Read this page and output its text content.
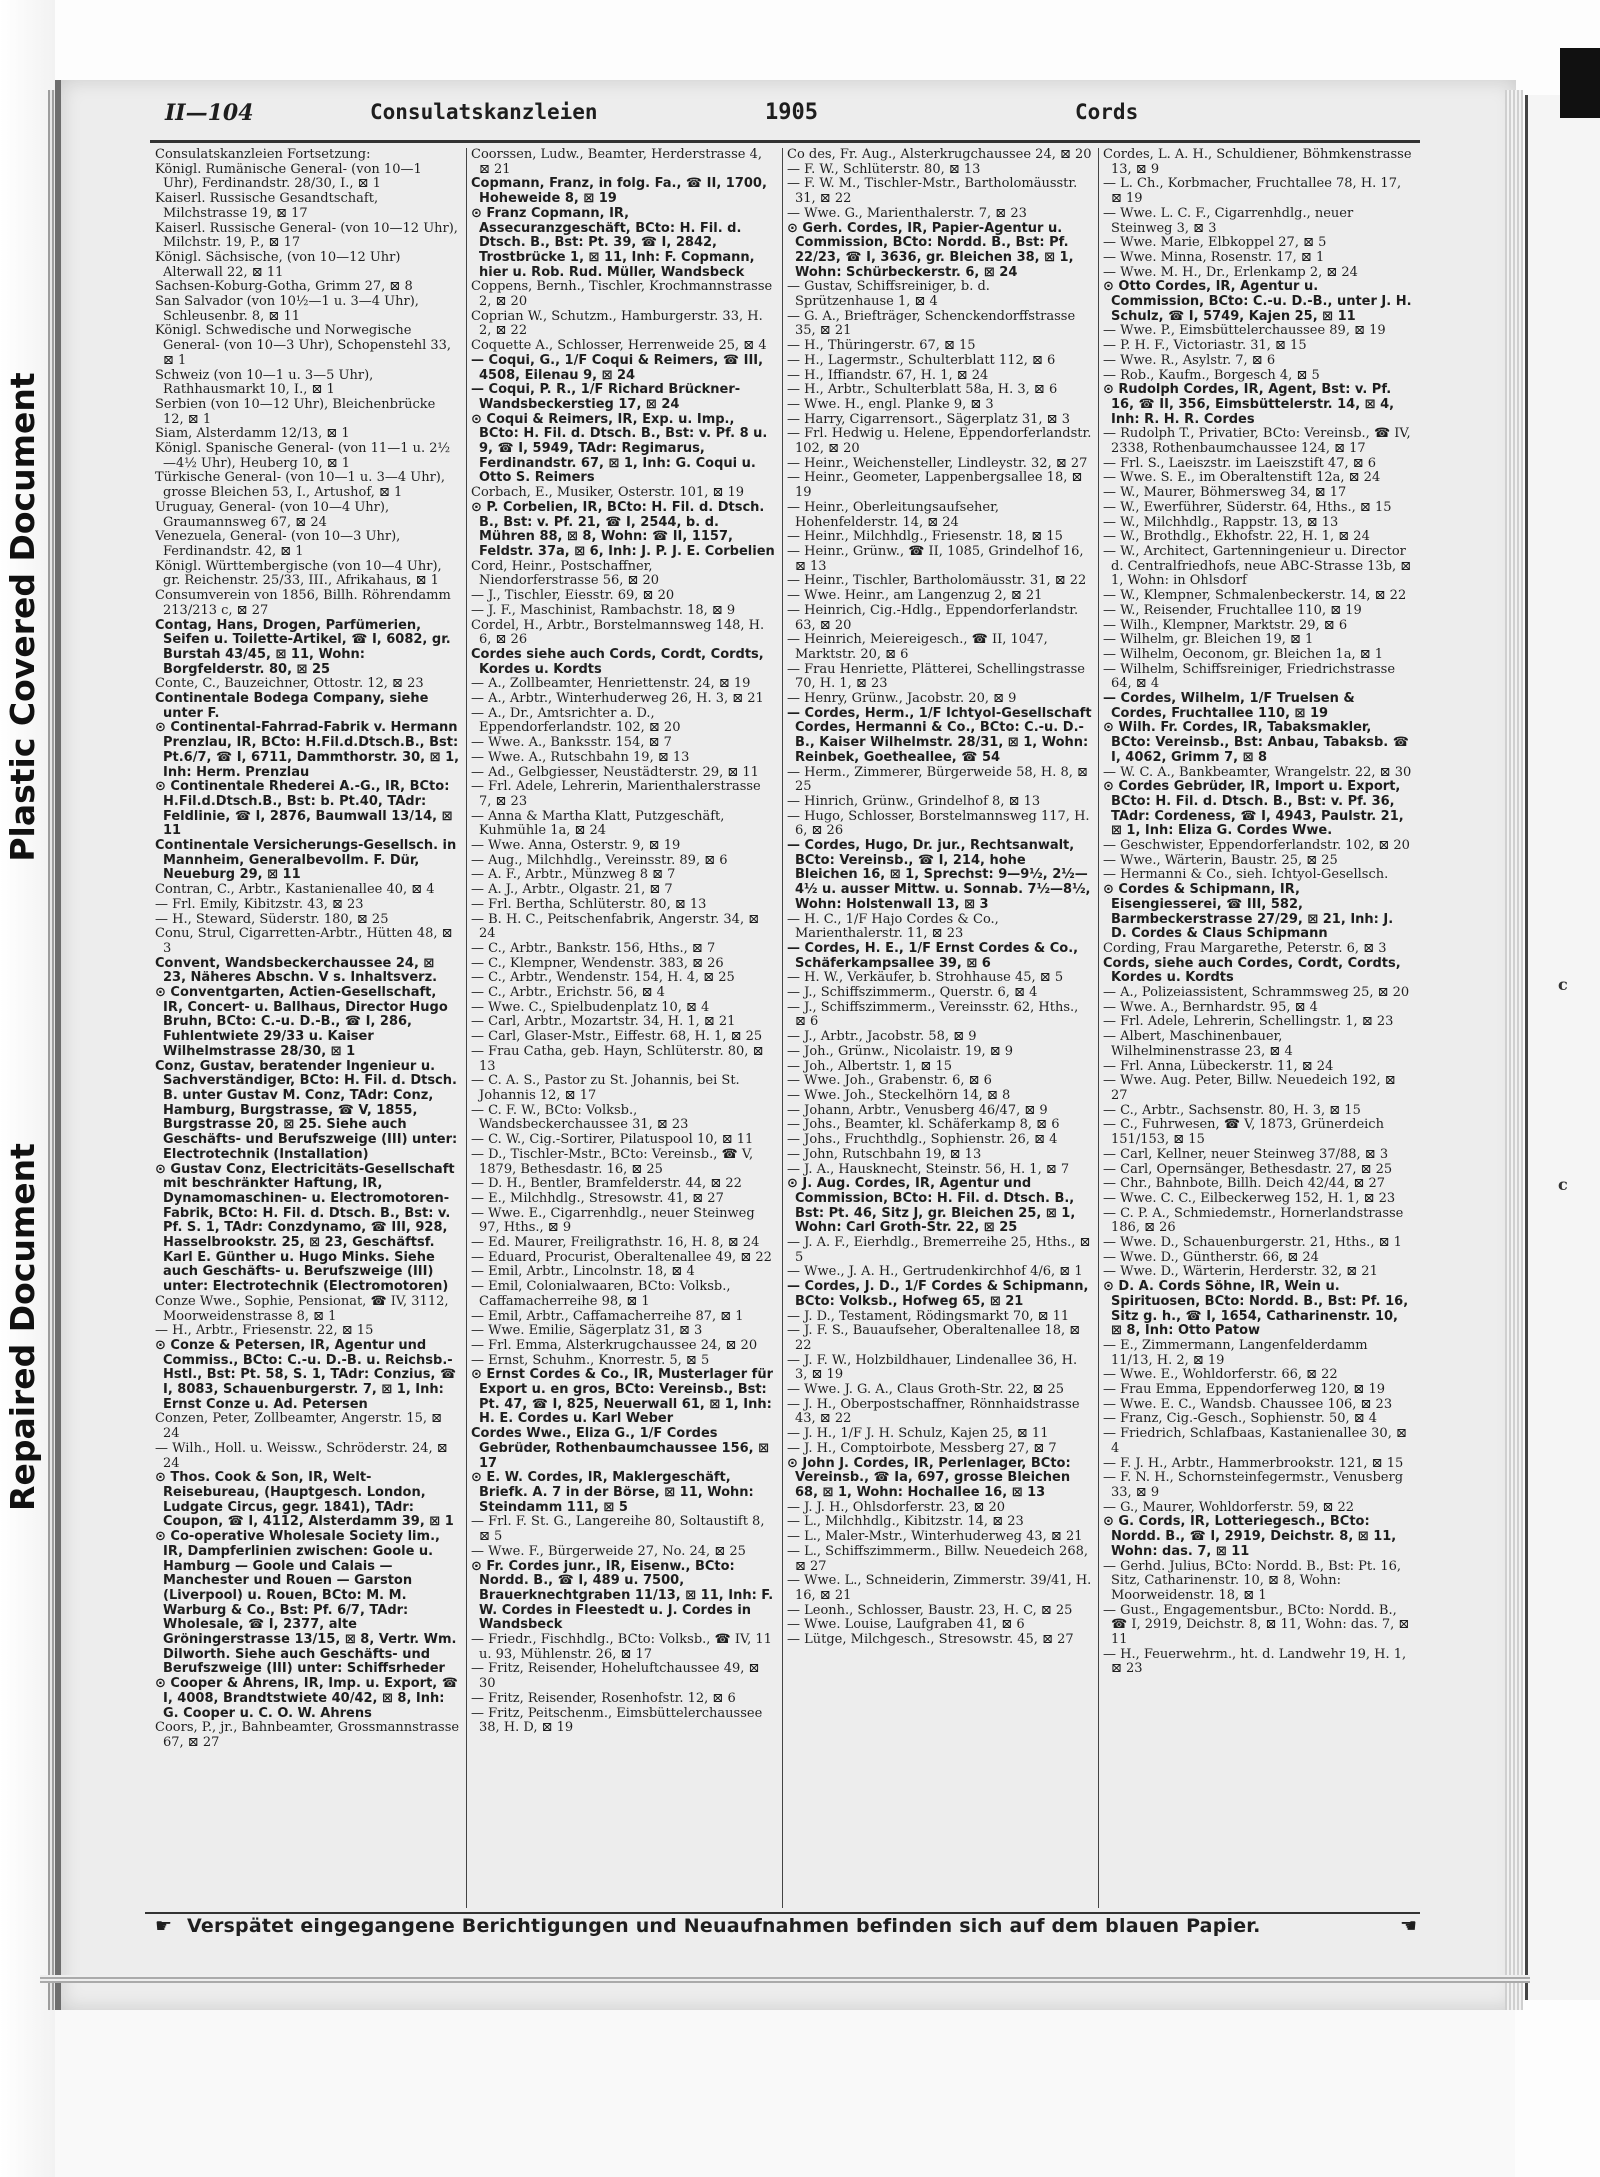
Plastic Covered Document
Repaired Document
c
c
II—104	Consulatskanzleien	1905	Cords

Consulatskanzleien Fortsetzung:

Königl. Rumänische General- (von 10—1 Uhr), Ferdinandstr. 28/30, I., ⊠ 1

Kaiserl. Russische Gesandtschaft, Milchstrasse 19, ⊠ 17

Kaiserl. Russische General- (von 10—12 Uhr), Milchstr. 19, P., ⊠ 17

Königl. Sächsische, (von 10—12 Uhr) Alterwall 22, ⊠ 11

Sachsen-Koburg-Gotha, Grimm 27, ⊠ 8

San Salvador (von 10½—1 u. 3—4 Uhr), Schleusenbr. 8, ⊠ 11

Königl. Schwedische und Norwegische General- (von 10—3 Uhr), Schopenstehl 33, ⊠ 1

Schweiz (von 10—1 u. 3—5 Uhr), Rathhausmarkt 10, I., ⊠ 1

Serbien (von 10—12 Uhr), Bleichenbrücke 12, ⊠ 1

Siam, Alsterdamm 12/13, ⊠ 1

Königl. Spanische General- (von 11—1 u. 2½—4½ Uhr), Heuberg 10, ⊠ 1

Türkische General- (von 10—1 u. 3—4 Uhr), grosse Bleichen 53, I., Artushof, ⊠ 1

Uruguay, General- (von 10—4 Uhr), Graumannsweg 67, ⊠ 24

Venezuela, General- (von 10—3 Uhr), Ferdinandstr. 42, ⊠ 1

Königl. Württembergische (von 10—4 Uhr), gr. Reichenstr. 25/33, III., Afrikahaus, ⊠ 1

Consumverein von 1856, Billh. Röhrendamm 213/213 c, ⊠ 27

Contag, Hans, Drogen, Parfümerien, Seifen u. Toilette-Artikel, ☎ I, 6082, gr. Burstah 43/45, ⊠ 11, Wohn: Borgfelderstr. 80, ⊠ 25

Conte, C., Bauzeichner, Ottostr. 12, ⊠ 23

Continentale Bodega Company, siehe unter F.

⊙ Continental-Fahrrad-Fabrik v. Hermann Prenzlau, IR, BCto: H.Fil.d.Dtsch.B., Bst: Pt.6/7, ☎ I, 6711, Dammthorstr. 30, ⊠ 1, Inh: Herm. Prenzlau

⊙ Continentale Rhederei A.-G., IR, BCto: H.Fil.d.Dtsch.B., Bst: b. Pt.40, TAdr: Feldlinie, ☎ I, 2876, Baumwall 13/14, ⊠ 11

Continentale Versicherungs-Gesellsch. in Mannheim, Generalbevollm. F. Dür, Neueburg 29, ⊠ 11

Contran, C., Arbtr., Kastanienallee 40, ⊠ 4

— Frl. Emily, Kibitzstr. 43, ⊠ 23

— H., Steward, Süderstr. 180, ⊠ 25

Conu, Strul, Cigarretten-Arbtr., Hütten 48, ⊠ 3

Convent, Wandsbeckerchaussee 24, ⊠ 23, Näheres Abschn. V s. Inhaltsverz.

⊙ Conventgarten, Actien-Gesellschaft, IR, Concert- u. Ballhaus, Director Hugo Bruhn, BCto: C.-u. D.-B., ☎ I, 286, Fuhlentwiete 29/33 u. Kaiser Wilhelmstrasse 28/30, ⊠ 1

Conz, Gustav, beratender Ingenieur u. Sachverständiger, BCto: H. Fil. d. Dtsch. B. unter Gustav M. Conz, TAdr: Conz, Hamburg, Burgstrasse, ☎ V, 1855, Burgstrasse 20, ⊠ 25. Siehe auch Geschäfts- und Berufszweige (III) unter: Electrotechnik (Installation)

⊙ Gustav Conz, Electricitäts-Gesellschaft mit beschränkter Haftung, IR, Dynamomaschinen- u. Electromotoren-Fabrik, BCto: H. Fil. d. Dtsch. B., Bst: v. Pf. S. 1, TAdr: Conzdynamo, ☎ III, 928, Hasselbrookstr. 25, ⊠ 23, Geschäftsf. Karl E. Günther u. Hugo Minks. Siehe auch Geschäfts- u. Berufszweige (III) unter: Electrotechnik (Electromotoren)

Conze Wwe., Sophie, Pensionat, ☎ IV, 3112, Moorweidenstrasse 8, ⊠ 1

— H., Arbtr., Friesenstr. 22, ⊠ 15

⊙ Conze & Petersen, IR, Agentur und Commiss., BCto: C.-u. D.-B. u. Reichsb.-Hstl., Bst: Pt. 58, S. 1, TAdr: Conzius, ☎ I, 8083, Schauenburgerstr. 7, ⊠ 1, Inh: Ernst Conze u. Ad. Petersen

Conzen, Peter, Zollbeamter, Angerstr. 15, ⊠ 24

— Wilh., Holl. u. Weissw., Schröderstr. 24, ⊠ 24

⊙ Thos. Cook & Son, IR, Welt-Reisebureau, (Hauptgesch. London, Ludgate Circus, gegr. 1841), TAdr: Coupon, ☎ I, 4112, Alsterdamm 39, ⊠ 1

⊙ Co-operative Wholesale Society lim., IR, Dampferlinien zwischen: Goole u. Hamburg — Goole und Calais — Manchester und Rouen — Garston (Liverpool) u. Rouen, BCto: M. M. Warburg & Co., Bst: Pf. 6/7, TAdr: Wholesale, ☎ I, 2377, alte Gröningerstrasse 13/15, ⊠ 8, Vertr. Wm. Dilworth. Siehe auch Geschäfts- und Berufszweige (III) unter: Schiffsrheder

⊙ Cooper & Ahrens, IR, Imp. u. Export, ☎ I, 4008, Brandtstwiete 40/42, ⊠ 8, Inh: G. Cooper u. C. O. W. Ahrens

Coors, P., jr., Bahnbeamter, Grossmannstrasse 67, ⊠ 27

Coorssen, Ludw., Beamter, Herderstrasse 4, ⊠ 21

Copmann, Franz, in folg. Fa., ☎ II, 1700, Hoheweide 8, ⊠ 19

⊙ Franz Copmann, IR, Assecuranzgeschäft, BCto: H. Fil. d. Dtsch. B., Bst: Pt. 39, ☎ I, 2842, Trostbrücke 1, ⊠ 11, Inh: F. Copmann, hier u. Rob. Rud. Müller, Wandsbeck

Coppens, Bernh., Tischler, Krochmannstrasse 2, ⊠ 20

Coprian W., Schutzm., Hamburgerstr. 33, H. 2, ⊠ 22

Coquette A., Schlosser, Herrenweide 25, ⊠ 4

— Coqui, G., 1/F Coqui & Reimers, ☎ III, 4508, Eilenau 9, ⊠ 24

— Coqui, P. R., 1/F Richard Brückner-Wandsbeckerstieg 17, ⊠ 24

⊙ Coqui & Reimers, IR, Exp. u. Imp., BCto: H. Fil. d. Dtsch. B., Bst: v. Pf. 8 u. 9, ☎ I, 5949, TAdr: Regimarus, Ferdinandstr. 67, ⊠ 1, Inh: G. Coqui u. Otto S. Reimers

Corbach, E., Musiker, Osterstr. 101, ⊠ 19

⊙ P. Corbelien, IR, BCto: H. Fil. d. Dtsch. B., Bst: v. Pf. 21, ☎ I, 2544, b. d. Mühren 88, ⊠ 8, Wohn: ☎ II, 1157, Feldstr. 37a, ⊠ 6, Inh: J. P. J. E. Corbelien

Cord, Heinr., Postschaffner, Niendorferstrasse 56, ⊠ 20

— J., Tischler, Eiesstr. 69, ⊠ 20

— J. F., Maschinist, Rambachstr. 18, ⊠ 9

Cordel, H., Arbtr., Borstelmannsweg 148, H. 6, ⊠ 26

Cordes siehe auch Cords, Cordt, Cordts, Kordes u. Kordts

— A., Zollbeamter, Henriettenstr. 24, ⊠ 19

— A., Arbtr., Winterhuderweg 26, H. 3, ⊠ 21

— A., Dr., Amtsrichter a. D., Eppendorferlandstr. 102, ⊠ 20

— Wwe. A., Banksstr. 154, ⊠ 7

— Wwe. A., Rutschbahn 19, ⊠ 13

— Ad., Gelbgiesser, Neustädterstr. 29, ⊠ 11

— Frl. Adele, Lehrerin, Marienthalerstrasse 7, ⊠ 23

— Anna & Martha Klatt, Putzgeschäft, Kuhmühle 1a, ⊠ 24

— Wwe. Anna, Osterstr. 9, ⊠ 19

— Aug., Milchhdlg., Vereinsstr. 89, ⊠ 6

— A. F., Arbtr., Münzweg 8 ⊠ 7

— A. J., Arbtr., Olgastr. 21, ⊠ 7

— Frl. Bertha, Schlüterstr. 80, ⊠ 13

— B. H. C., Peitschenfabrik, Angerstr. 34, ⊠ 24

— C., Arbtr., Bankstr. 156, Hths., ⊠ 7

— C., Klempner, Wendenstr. 383, ⊠ 26

— C., Arbtr., Wendenstr. 154, H. 4, ⊠ 25

— C., Arbtr., Erichstr. 56, ⊠ 4

— Wwe. C., Spielbudenplatz 10, ⊠ 4

— Carl, Arbtr., Mozartstr. 34, H. 1, ⊠ 21

— Carl, Glaser-Mstr., Eiffestr. 68, H. 1, ⊠ 25

— Frau Catha, geb. Hayn, Schlüterstr. 80, ⊠ 13

— C. A. S., Pastor zu St. Johannis, bei St. Johannis 12, ⊠ 17

— C. F. W., BCto: Volksb., Wandsbeckerchaussee 31, ⊠ 23

— C. W., Cig.-Sortirer, Pilatuspool 10, ⊠ 11

— D., Tischler-Mstr., BCto: Vereinsb., ☎ V, 1879, Bethesdastr. 16, ⊠ 25

— D. H., Bentler, Bramfelderstr. 44, ⊠ 22

— E., Milchhdlg., Stresowstr. 41, ⊠ 27

— Wwe. E., Cigarrenhdlg., neuer Steinweg 97, Hths., ⊠ 9

— Ed. Maurer, Freiligrathstr. 16, H. 8, ⊠ 24

— Eduard, Procurist, Oberaltenallee 49, ⊠ 22

— Emil, Arbtr., Lincolnstr. 18, ⊠ 4

— Emil, Colonialwaaren, BCto: Volksb., Caffamacherreihe 98, ⊠ 1

— Emil, Arbtr., Caffamacherreihe 87, ⊠ 1

— Wwe. Emilie, Sägerplatz 31, ⊠ 3

— Frl. Emma, Alsterkrugchaussee 24, ⊠ 20

— Ernst, Schuhm., Knorrestr. 5, ⊠ 5

⊙ Ernst Cordes & Co., IR, Musterlager für Export u. en gros, BCto: Vereinsb., Bst: Pt. 47, ☎ I, 825, Neuerwall 61, ⊠ 1, Inh: H. E. Cordes u. Karl Weber

Cordes Wwe., Eliza G., 1/F Cordes Gebrüder, Rothenbaumchaussee 156, ⊠ 17

⊙ E. W. Cordes, IR, Maklergeschäft, Briefk. A. 7 in der Börse, ⊠ 11, Wohn: Steindamm 111, ⊠ 5

— Frl. F. St. G., Langereihe 80, Soltaustift 8, ⊠ 5

— Wwe. F., Bürgerweide 27, No. 24, ⊠ 25

⊙ Fr. Cordes junr., IR, Eisenw., BCto: Nordd. B., ☎ I, 489 u. 7500, Brauerknechtgraben 11/13, ⊠ 11, Inh: F. W. Cordes in Fleestedt u. J. Cordes in Wandsbeck

— Friedr., Fischhdlg., BCto: Volksb., ☎ IV, 11 u. 93, Mühlenstr. 26, ⊠ 17

— Fritz, Reisender, Hoheluftchaussee 49, ⊠ 30

— Fritz, Reisender, Rosenhofstr. 12, ⊠ 6

— Fritz, Peitschenm., Eimsbüttelerchaussee 38, H. D, ⊠ 19

Co des, Fr. Aug., Alsterkrugchaussee 24, ⊠ 20

— F. W., Schlüterstr. 80, ⊠ 13

— F. W. M., Tischler-Mstr., Bartholomäusstr. 31, ⊠ 22

— Wwe. G., Marienthalerstr. 7, ⊠ 23

⊙ Gerh. Cordes, IR, Papier-Agentur u. Commission, BCto: Nordd. B., Bst: Pf. 22/23, ☎ I, 3636, gr. Bleichen 38, ⊠ 1, Wohn: Schürbeckerstr. 6, ⊠ 24

— Gustav, Schiffsreiniger, b. d. Sprützenhause 1, ⊠ 4

— G. A., Briefträger, Schenckendorffstrasse 35, ⊠ 21

— H., Thüringerstr. 67, ⊠ 15

— H., Lagermstr., Schulterblatt 112, ⊠ 6

— H., Iffiandstr. 67, H. 1, ⊠ 24

— H., Arbtr., Schulterblatt 58a, H. 3, ⊠ 6

— Wwe. H., engl. Planke 9, ⊠ 3

— Harry, Cigarrensort., Sägerplatz 31, ⊠ 3

— Frl. Hedwig u. Helene, Eppendorferlandstr. 102, ⊠ 20

— Heinr., Weichensteller, Lindleystr. 32, ⊠ 27

— Heinr., Geometer, Lappenbergsallee 18, ⊠ 19

— Heinr., Oberleitungsaufseher, Hohenfelderstr. 14, ⊠ 24

— Heinr., Milchhdlg., Friesenstr. 18, ⊠ 15

— Heinr., Grünw., ☎ II, 1085, Grindelhof 16, ⊠ 13

— Heinr., Tischler, Bartholomäusstr. 31, ⊠ 22

— Wwe. Heinr., am Langenzug 2, ⊠ 21

— Heinrich, Cig.-Hdlg., Eppendorferlandstr. 63, ⊠ 20

— Heinrich, Meiereigesch., ☎ II, 1047, Marktstr. 20, ⊠ 6

— Frau Henriette, Plätterei, Schellingstrasse 70, H. 1, ⊠ 23

— Henry, Grünw., Jacobstr. 20, ⊠ 9

— Cordes, Herm., 1/F Ichtyol-Gesellschaft Cordes, Hermanni & Co., BCto: C.-u. D.-B., Kaiser Wilhelmstr. 28/31, ⊠ 1, Wohn: Reinbek, Goetheallee, ☎ 54

— Herm., Zimmerer, Bürgerweide 58, H. 8, ⊠ 25

— Hinrich, Grünw., Grindelhof 8, ⊠ 13

— Hugo, Schlosser, Borstelmannsweg 117, H. 6, ⊠ 26

— Cordes, Hugo, Dr. jur., Rechtsanwalt, BCto: Vereinsb., ☎ I, 214, hohe Bleichen 16, ⊠ 1, Sprechst: 9—9½, 2½—4½ u. ausser Mittw. u. Sonnab. 7½—8½, Wohn: Holstenwall 13, ⊠ 3

— H. C., 1/F Hajo Cordes & Co., Marienthalerstr. 11, ⊠ 23

— Cordes, H. E., 1/F Ernst Cordes & Co., Schäferkampsallee 39, ⊠ 6

— H. W., Verkäufer, b. Strohhause 45, ⊠ 5

— J., Schiffszimmerm., Querstr. 6, ⊠ 4

— J., Schiffszimmerm., Vereinsstr. 62, Hths., ⊠ 6

— J., Arbtr., Jacobstr. 58, ⊠ 9

— Joh., Grünw., Nicolaistr. 19, ⊠ 9

— Joh., Albertstr. 1, ⊠ 15

— Wwe. Joh., Grabenstr. 6, ⊠ 6

— Wwe. Joh., Steckelhörn 14, ⊠ 8

— Johann, Arbtr., Venusberg 46/47, ⊠ 9

— Johs., Beamter, kl. Schäferkamp 8, ⊠ 6

— Johs., Fruchthdlg., Sophienstr. 26, ⊠ 4

— John, Rutschbahn 19, ⊠ 13

— J. A., Hausknecht, Steinstr. 56, H. 1, ⊠ 7

⊙ J. Aug. Cordes, IR, Agentur und Commission, BCto: H. Fil. d. Dtsch. B., Bst: Pt. 46, Sitz J, gr. Bleichen 25, ⊠ 1, Wohn: Carl Groth-Str. 22, ⊠ 25

— J. A. F., Eierhdlg., Bremerreihe 25, Hths., ⊠ 5

— Wwe., J. A. H., Gertrudenkirchhof 4/6, ⊠ 1

— Cordes, J. D., 1/F Cordes & Schipmann, BCto: Volksb., Hofweg 65, ⊠ 21

— J. D., Testament, Rödingsmarkt 70, ⊠ 11

— J. F. S., Bauaufseher, Oberaltenallee 18, ⊠ 22

— J. F. W., Holzbildhauer, Lindenallee 36, H. 3, ⊠ 19

— Wwe. J. G. A., Claus Groth-Str. 22, ⊠ 25

— J. H., Oberpostschaffner, Rönnhaidstrasse 43, ⊠ 22

— J. H., 1/F J. H. Schulz, Kajen 25, ⊠ 11

— J. H., Comptoirbote, Messberg 27, ⊠ 7

⊙ John J. Cordes, IR, Perlenlager, BCto: Vereinsb., ☎ Ia, 697, grosse Bleichen 68, ⊠ 1, Wohn: Hochallee 16, ⊠ 13

— J. J. H., Ohlsdorferstr. 23, ⊠ 20

— L., Milchhdlg., Kibitzstr. 14, ⊠ 23

— L., Maler-Mstr., Winterhuderweg 43, ⊠ 21

— L., Schiffszimmerm., Billw. Neuedeich 268, ⊠ 27

— Wwe. L., Schneiderin, Zimmerstr. 39/41, H. 16, ⊠ 21

— Leonh., Schlosser, Baustr. 23, H. C, ⊠ 25

— Wwe. Louise, Laufgraben 41, ⊠ 6

— Lütge, Milchgesch., Stresowstr. 45, ⊠ 27

Cordes, L. A. H., Schuldiener, Böhmkenstrasse 13, ⊠ 9

— L. Ch., Korbmacher, Fruchtallee 78, H. 17, ⊠ 19

— Wwe. L. C. F., Cigarrenhdlg., neuer Steinweg 3, ⊠ 3

— Wwe. Marie, Elbkoppel 27, ⊠ 5

— Wwe. Minna, Rosenstr. 17, ⊠ 1

— Wwe. M. H., Dr., Erlenkamp 2, ⊠ 24

⊙ Otto Cordes, IR, Agentur u. Commission, BCto: C.-u. D.-B., unter J. H. Schulz, ☎ I, 5749, Kajen 25, ⊠ 11

— Wwe. P., Eimsbüttelerchaussee 89, ⊠ 19

— P. H. F., Victoriastr. 31, ⊠ 15

— Wwe. R., Asylstr. 7, ⊠ 6

— Rob., Kaufm., Borgesch 4, ⊠ 5

⊙ Rudolph Cordes, IR, Agent, Bst: v. Pf. 16, ☎ II, 356, Eimsbüttelerstr. 14, ⊠ 4, Inh: R. H. R. Cordes

— Rudolph T., Privatier, BCto: Vereinsb., ☎ IV, 2338, Rothenbaumchaussee 124, ⊠ 17

— Frl. S., Laeiszstr. im Laeiszstift 47, ⊠ 6

— Wwe. S. E., im Oberaltenstift 12a, ⊠ 24

— W., Maurer, Böhmersweg 34, ⊠ 17

— W., Ewerführer, Süderstr. 64, Hths., ⊠ 15

— W., Milchhdlg., Rappstr. 13, ⊠ 13

— W., Brothdlg., Ekhofstr. 22, H. 1, ⊠ 24

— W., Architect, Gartenningenieur u. Director d. Centralfriedhofs, neue ABC-Strasse 13b, ⊠ 1, Wohn: in Ohlsdorf

— W., Klempner, Schmalenbeckerstr. 14, ⊠ 22

— W., Reisender, Fruchtallee 110, ⊠ 19

— Wilh., Klempner, Marktstr. 29, ⊠ 6

— Wilhelm, gr. Bleichen 19, ⊠ 1

— Wilhelm, Oeconom, gr. Bleichen 1a, ⊠ 1

— Wilhelm, Schiffsreiniger, Friedrichstrasse 64, ⊠ 4

— Cordes, Wilhelm, 1/F Truelsen & Cordes, Fruchtallee 110, ⊠ 19

⊙ Wilh. Fr. Cordes, IR, Tabaksmakler, BCto: Vereinsb., Bst: Anbau, Tabaksb. ☎ I, 4062, Grimm 7, ⊠ 8

— W. C. A., Bankbeamter, Wrangelstr. 22, ⊠ 30

⊙ Cordes Gebrüder, IR, Import u. Export, BCto: H. Fil. d. Dtsch. B., Bst: v. Pf. 36, TAdr: Cordeness, ☎ I, 4943, Paulstr. 21, ⊠ 1, Inh: Eliza G. Cordes Wwe.

— Geschwister, Eppendorferlandstr. 102, ⊠ 20

— Wwe., Wärterin, Baustr. 25, ⊠ 25

— Hermanni & Co., sieh. Ichtyol-Gesellsch.

⊙ Cordes & Schipmann, IR, Eisengiesserei, ☎ III, 582, Barmbeckerstrasse 27/29, ⊠ 21, Inh: J. D. Cordes & Claus Schipmann

Cording, Frau Margarethe, Peterstr. 6, ⊠ 3

Cords, siehe auch Cordes, Cordt, Cordts, Kordes u. Kordts

— A., Polizeiassistent, Schrammsweg 25, ⊠ 20

— Wwe. A., Bernhardstr. 95, ⊠ 4

— Frl. Adele, Lehrerin, Schellingstr. 1, ⊠ 23

— Albert, Maschinenbauer, Wilhelminenstrasse 23, ⊠ 4

— Frl. Anna, Lübeckerstr. 11, ⊠ 24

— Wwe. Aug. Peter, Billw. Neuedeich 192, ⊠ 27

— C., Arbtr., Sachsenstr. 80, H. 3, ⊠ 15

— C., Fuhrwesen, ☎ V, 1873, Grünerdeich 151/153, ⊠ 15

— Carl, Kellner, neuer Steinweg 37/88, ⊠ 3

— Carl, Opernsänger, Bethesdastr. 27, ⊠ 25

— Chr., Bahnbote, Billh. Deich 42/44, ⊠ 27

— Wwe. C. C., Eilbeckerweg 152, H. 1, ⊠ 23

— C. P. A., Schmiedemstr., Hornerlandstrasse 186, ⊠ 26

— Wwe. D., Schauenburgerstr. 21, Hths., ⊠ 1

— Wwe. D., Güntherstr. 66, ⊠ 24

— Wwe. D., Wärterin, Herderstr. 32, ⊠ 21

⊙ D. A. Cords Söhne, IR, Wein u. Spirituosen, BCto: Nordd. B., Bst: Pf. 16, Sitz g. h., ☎ I, 1654, Catharinenstr. 10, ⊠ 8, Inh: Otto Patow

— E., Zimmermann, Langenfelderdamm 11/13, H. 2, ⊠ 19

— Wwe. E., Wohldorferstr. 66, ⊠ 22

— Frau Emma, Eppendorferweg 120, ⊠ 19

— Wwe. E. C., Wandsb. Chaussee 106, ⊠ 23

— Franz, Cig.-Gesch., Sophienstr. 50, ⊠ 4

— Friedrich, Schlafbaas, Kastanienallee 30, ⊠ 4

— F. J. H., Arbtr., Hammerbrookstr. 121, ⊠ 15

— F. N. H., Schornsteinfegermstr., Venusberg 33, ⊠ 9

— G., Maurer, Wohldorferstr. 59, ⊠ 22

⊙ G. Cords, IR, Lotteriegesch., BCto: Nordd. B., ☎ I, 2919, Deichstr. 8, ⊠ 11, Wohn: das. 7, ⊠ 11

— Gerhd. Julius, BCto: Nordd. B., Bst: Pt. 16, Sitz, Catharinenstr. 10, ⊠ 8, Wohn: Moorweidenstr. 18, ⊠ 1

— Gust., Engagementsbur., BCto: Nordd. B., ☎ I, 2919, Deichstr. 8, ⊠ 11, Wohn: das. 7, ⊠ 11

— H., Feuerwehrm., ht. d. Landwehr 19, H. 1, ⊠ 23

☛ Verspätet eingegangene Berichtigungen und Neuaufnahmen befinden sich auf dem blauen Papier.	☚
